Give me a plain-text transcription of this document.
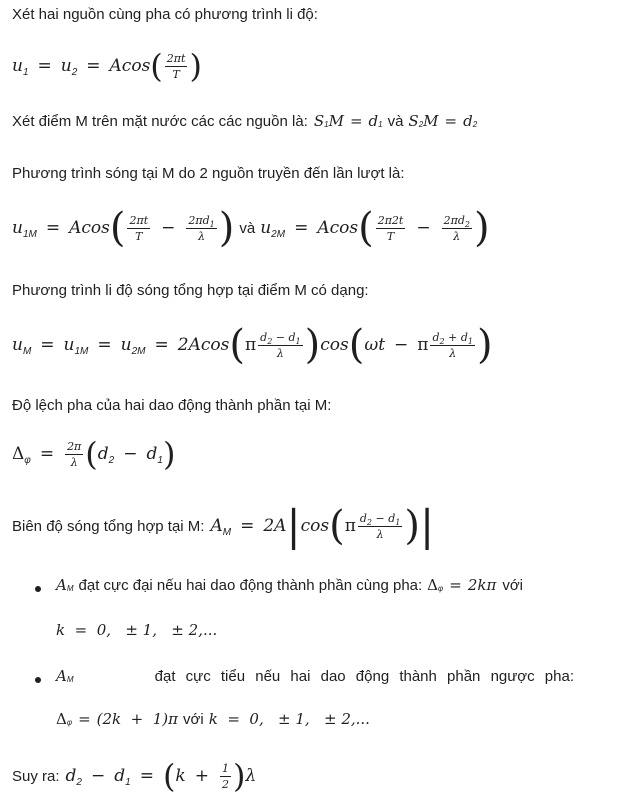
Xét hai nguồn cùng pha có phương trình li độ:
u 1 = u 2 = Acos ( $\frac{2\pi t}{T}$ )
Xét điểm M trên mặt nước các các nguồn là: S 1 M = d 1 và S 2 M = d 2
Phương trình sóng tại M do 2 nguồn truyền đến lần lượt là:
u 1M = Acos ( $\frac{2\pi t}{T}$ −	$\frac{2\pi d_1}{\lambda}$ ) và u 2M = Acos ( $\frac{2\pi 2t}{T}$ −	$\frac{2\pi d_2}{\lambda}$ )
Phương trình li độ sóng tổng hợp tại điểm M có dạng:
u M = u 1M = u 2M = 2Acos ( π $\frac{d_2 - d_1}{\lambda}$ ) cos ( ωt − π $\frac{d_2 + d_1}{\lambda}$ )
Độ lệch pha của hai dao động thành phần tại M:
Δ φ =	$\frac{2\pi}{\lambda}$ ( d 2 − d 1 )
Biên độ sóng tổng hợp tại M: A M = 2A | cos ( π $\frac{d_2 - d_1}{\lambda}$ ) |
A M đạt cực đại nếu hai dao động thành phần cùng pha: Δ φ = 2kπ với
k  =  0,   ± 1,   ± 2,...
A M	đạt cực tiểu nếu hai dao động thành phần ngược pha:
Δ φ = (2k  +  1)π với k  =  0,   ± 1,   ± 2,...
Suy ra: d 2 − d 1 = ( k +	$\frac{1}{2}$ ) λ
